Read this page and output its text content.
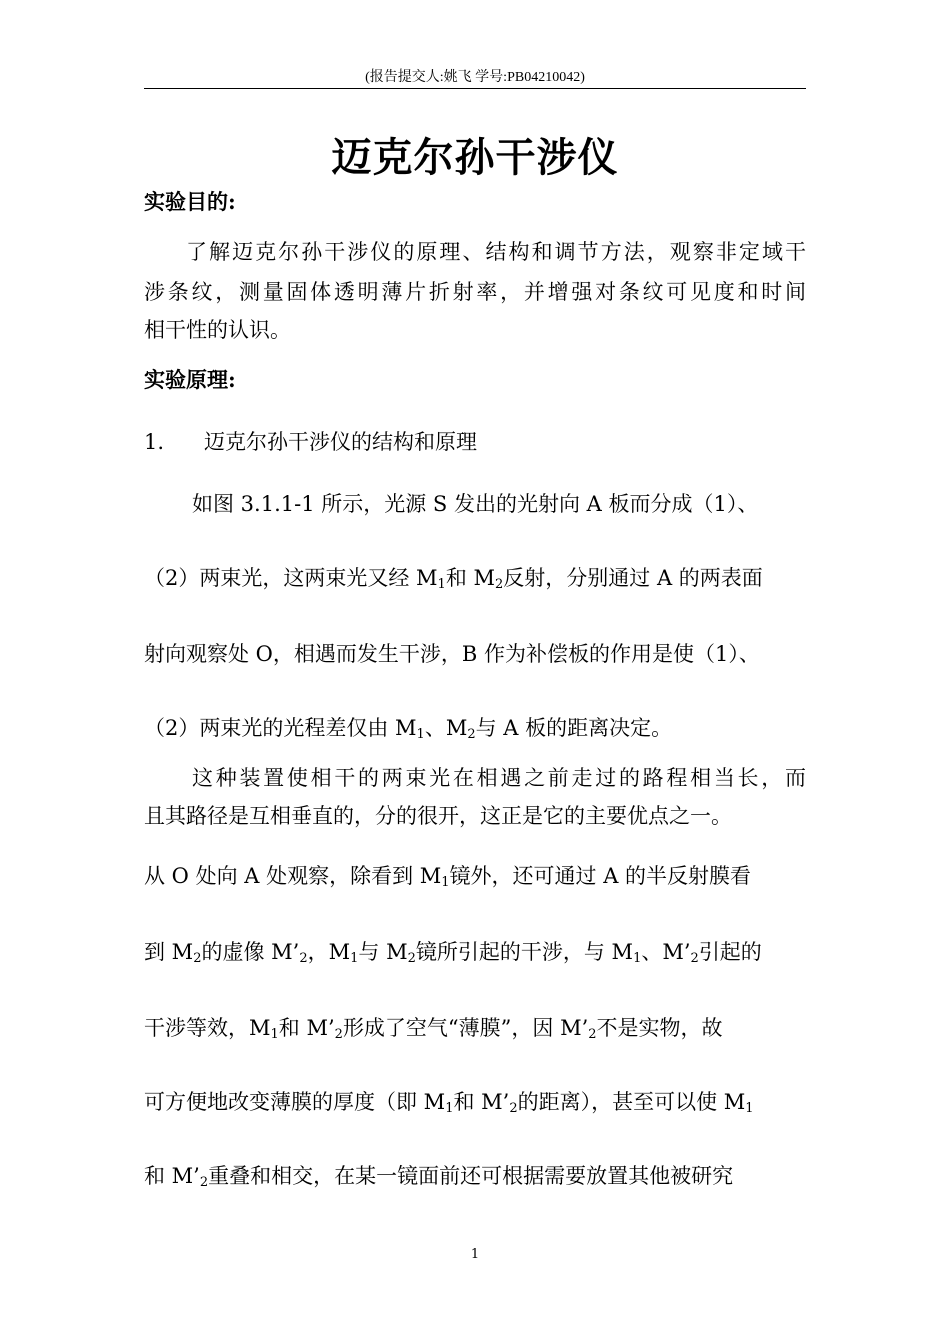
(报告提交人:姚飞 学号:PB04210042)
迈克尔孙干涉仪
实验目的:
了解迈克尔孙干涉仪的原理、结构和调节方法，观察非定域干
涉条纹，测量固体透明薄片折射率，并增强对条纹可见度和时间
相干性的认识。
实验原理:
1. 迈克尔孙干涉仪的结构和原理
如图 3.1.1-1 所示，光源 S 发出的光射向 A 板而分成（1）、
（2）两束光，这两束光又经 $M_1$和 $M_2$反射，分别通过 A 的两表面
射向观察处 O，相遇而发生干涉，B 作为补偿板的作用是使（1）、
（2）两束光的光程差仅由 $M_1$、$M_2$与 A 板的距离决定。
这种装置使相干的两束光在相遇之前走过的路程相当长，而
且其路径是互相垂直的，分的很开，这正是它的主要优点之一。
从 O 处向 A 处观察，除看到 $M_1$镜外，还可通过 A 的半反射膜看
到 $M_2$的虚像 $M’_2$，$M_1$与 $M_2$镜所引起的干涉，与 $M_1$、$M’_2$引起的
干涉等效，$M_1$和 $M’_2$形成了空气“薄膜”，因 $M’_2$不是实物，故
可方便地改变薄膜的厚度（即 $M_1$和 $M’_2$的距离），甚至可以使 $M_1$
和 $M’_2$重叠和相交，在某一镜面前还可根据需要放置其他被研究
1
